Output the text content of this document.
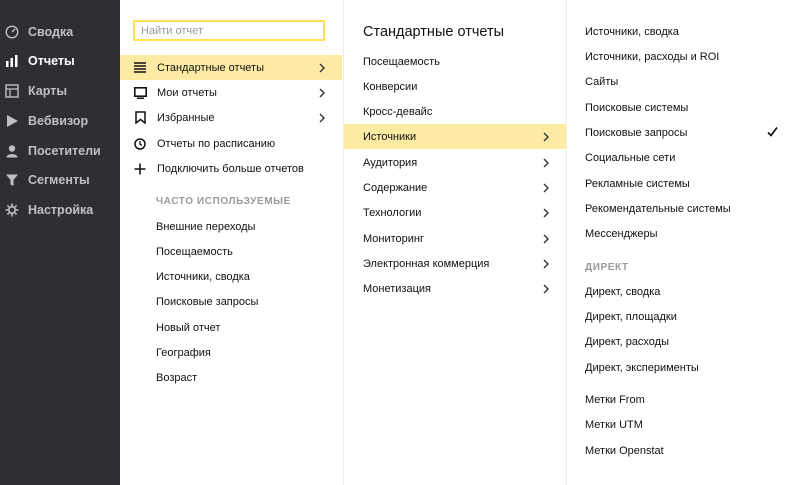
Сводка
Отчеты
Карты
Вебвизор
Посетители
Сегменты
Настройка
Найти отчет
Стандартные отчеты
Мои отчеты
Избранные
Отчеты по расписанию
Подключить больше отчетов
ЧАСТО ИСПОЛЬЗУЕМЫЕ
Внешние переходы
Посещаемость
Источники, сводка
Поисковые запросы
Новый отчет
География
Возраст
Стандартные отчеты
Посещаемость
Конверсии
Кросс-девайс
Источники
Аудитория
Содержание
Технологии
Мониторинг
Электронная коммерция
Монетизация
Источники, сводка
Источники, расходы и ROI
Сайты
Поисковые системы
Поисковые запросы
Социальные сети
Рекламные системы
Рекомендательные системы
Мессенджеры
ДИРЕКТ
Директ, сводка
Директ, площадки
Директ, расходы
Директ, эксперименты
Метки From
Метки UTM
Метки Openstat
